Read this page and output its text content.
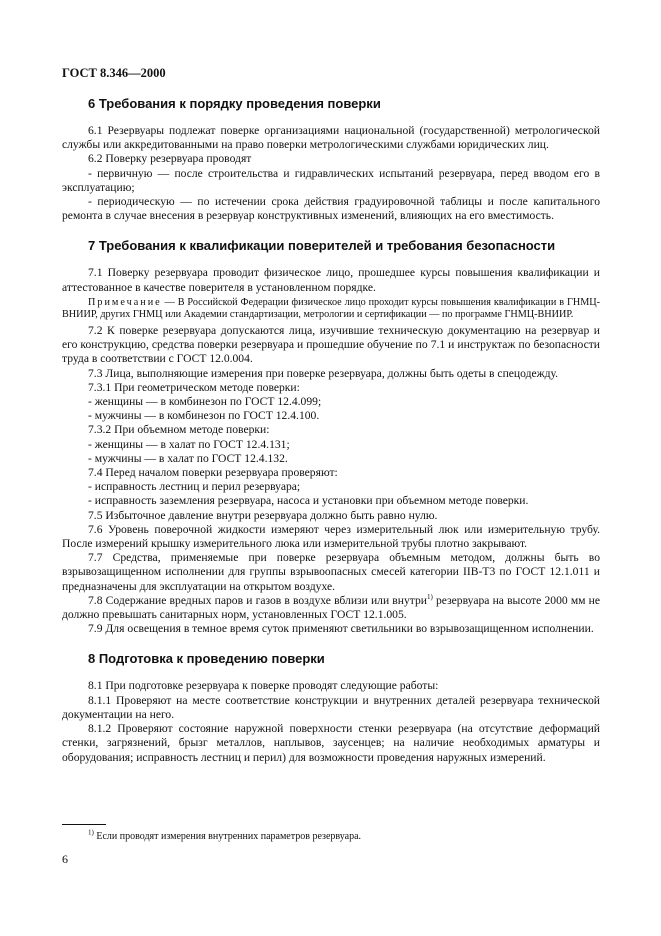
ГОСТ 8.346—2000
6 Требования к порядку проведения поверки

6.1 Резервуары подлежат поверке организациями национальной (государственной) метрологической службы или аккредитованными на право поверки метрологическими службами юридических лиц.

6.2 Поверку резервуара проводят

- первичную — после строительства и гидравлических испытаний резервуара, перед вводом его в эксплуатацию;

- периодическую — по истечении срока действия градуировочной таблицы и после капитального ремонта в случае внесения в резервуар конструктивных изменений, влияющих на его вместимость.

7 Требования к квалификации поверителей и требования безопасности

7.1 Поверку резервуара проводит физическое лицо, прошедшее курсы повышения квалификации и аттестованное в качестве поверителя в установленном порядке.

Примечание — В Российской Федерации физическое лицо проходит курсы повышения квалификации в ГНМЦ-ВНИИР, других ГНМЦ или Академии стандартизации, метрологии и сертификации — по программе ГНМЦ-ВНИИР.

7.2 К поверке резервуара допускаются лица, изучившие техническую документацию на резервуар и его конструкцию, средства поверки резервуара и прошедшие обучение по 7.1 и инструктаж по безопасности труда в соответствии с ГОСТ 12.0.004.

7.3 Лица, выполняющие измерения при поверке резервуара, должны быть одеты в спецодежду.

7.3.1 При геометрическом методе поверки:

- женщины — в комбинезон по ГОСТ 12.4.099;

- мужчины — в комбинезон по ГОСТ 12.4.100.

7.3.2 При объемном методе поверки:

- женщины — в халат по ГОСТ 12.4.131;

- мужчины — в халат по ГОСТ 12.4.132.

7.4 Перед началом поверки резервуара проверяют:

- исправность лестниц и перил резервуара;

- исправность заземления резервуара, насоса и установки при объемном методе поверки.

7.5 Избыточное давление внутри резервуара должно быть равно нулю.

7.6 Уровень поверочной жидкости измеряют через измерительный люк или измерительную трубу. После измерений крышку измерительного люка или измерительной трубы плотно закрывают.

7.7 Средства, применяемые при поверке резервуара объемным методом, должны быть во взрывозащищенном исполнении для группы взрывоопасных смесей категории IIB-Т3 по ГОСТ 12.1.011 и предназначены для эксплуатации на открытом воздухе.

7.8 Содержание вредных паров и газов в воздухе вблизи или внутри$^{1)}$ резервуара на высоте 2000 мм не должно превышать санитарных норм, установленных ГОСТ 12.1.005.

7.9 Для освещения в темное время суток применяют светильники во взрывозащищенном исполнении.

8 Подготовка к проведению поверки

8.1 При подготовке резервуара к поверке проводят следующие работы:

8.1.1 Проверяют на месте соответствие конструкции и внутренних деталей резервуара технической документации на него.

8.1.2 Проверяют состояние наружной поверхности стенки резервуара (на отсутствие деформаций стенки, загрязнений, брызг металлов, наплывов, заусенцев; на наличие необходимых арматуры и оборудования; исправность лестниц и перил) для возможности проведения наружных измерений.

$^{1)}$ Если проводят измерения внутренних параметров резервуара.
6
